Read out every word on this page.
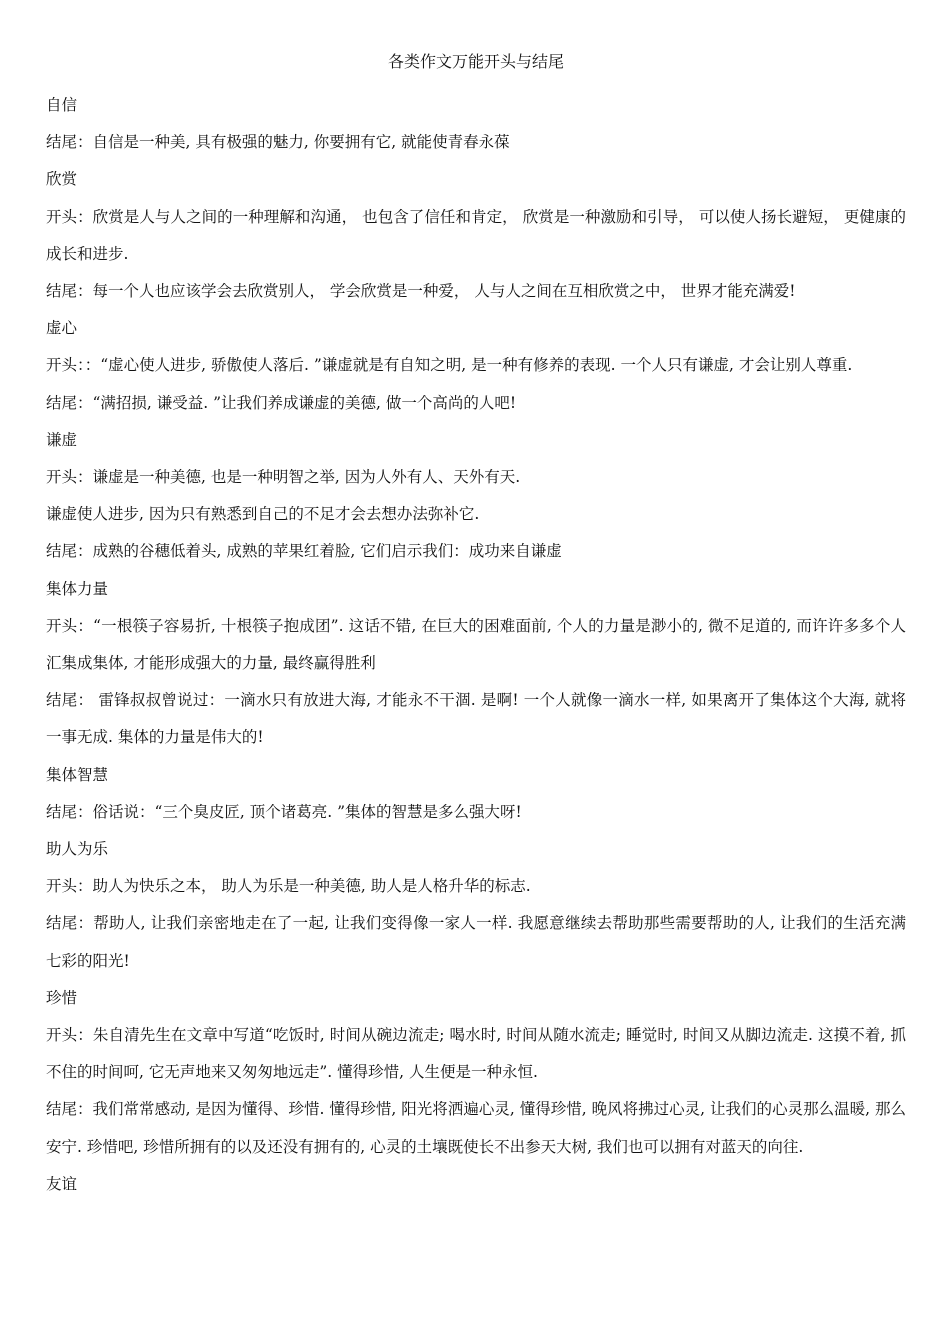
各类作文万能开头与结尾
自信
结尾：自信是一种美, 具有极强的魅力, 你要拥有它, 就能使青春永葆
欣赏
开头：欣赏是人与人之间的一种理解和沟通， 也包含了信任和肯定， 欣赏是一种激励和引导， 可以使人扬长避短， 更健康的成长和进步.
结尾：每一个人也应该学会去欣赏别人， 学会欣赏是一种爱， 人与人之间在互相欣赏之中， 世界才能充满爱!
虚心
开头：：“虚心使人进步, 骄傲使人落后. ”谦虚就是有自知之明, 是一种有修养的表现. 一个人只有谦虚, 才会让别人尊重.
结尾：“满招损, 谦受益. ”让我们养成谦虚的美德, 做一个高尚的人吧!
谦虚
开头：谦虚是一种美德, 也是一种明智之举, 因为人外有人、天外有天.
谦虚使人进步, 因为只有熟悉到自己的不足才会去想办法弥补它.
结尾：成熟的谷穗低着头, 成熟的苹果红着脸, 它们启示我们：成功来自谦虚
集体力量
开头：“一根筷子容易折, 十根筷子抱成团”. 这话不错, 在巨大的困难面前, 个人的力量是渺小的, 微不足道的, 而许许多多个人汇集成集体, 才能形成强大的力量, 最终赢得胜利
结尾： 雷锋叔叔曾说过：一滴水只有放进大海, 才能永不干涸. 是啊! 一个人就像一滴水一样, 如果离开了集体这个大海, 就将一事无成. 集体的力量是伟大的!
集体智慧
结尾：俗话说：“三个臭皮匠, 顶个诸葛亮. ”集体的智慧是多么强大呀!
助人为乐
开头：助人为快乐之本， 助人为乐是一种美德, 助人是人格升华的标志.
结尾：帮助人, 让我们亲密地走在了一起, 让我们变得像一家人一样. 我愿意继续去帮助那些需要帮助的人, 让我们的生活充满七彩的阳光!
珍惜
开头：朱自清先生在文章中写道“吃饭时, 时间从碗边流走; 喝水时, 时间从随水流走; 睡觉时, 时间又从脚边流走. 这摸不着, 抓不住的时间呵, 它无声地来又匆匆地远走”. 懂得珍惜, 人生便是一种永恒.
结尾：我们常常感动, 是因为懂得、珍惜. 懂得珍惜, 阳光将洒遍心灵, 懂得珍惜, 晚风将拂过心灵, 让我们的心灵那么温暖, 那么安宁. 珍惜吧, 珍惜所拥有的以及还没有拥有的, 心灵的土壤既使长不出参天大树, 我们也可以拥有对蓝天的向往.
友谊
